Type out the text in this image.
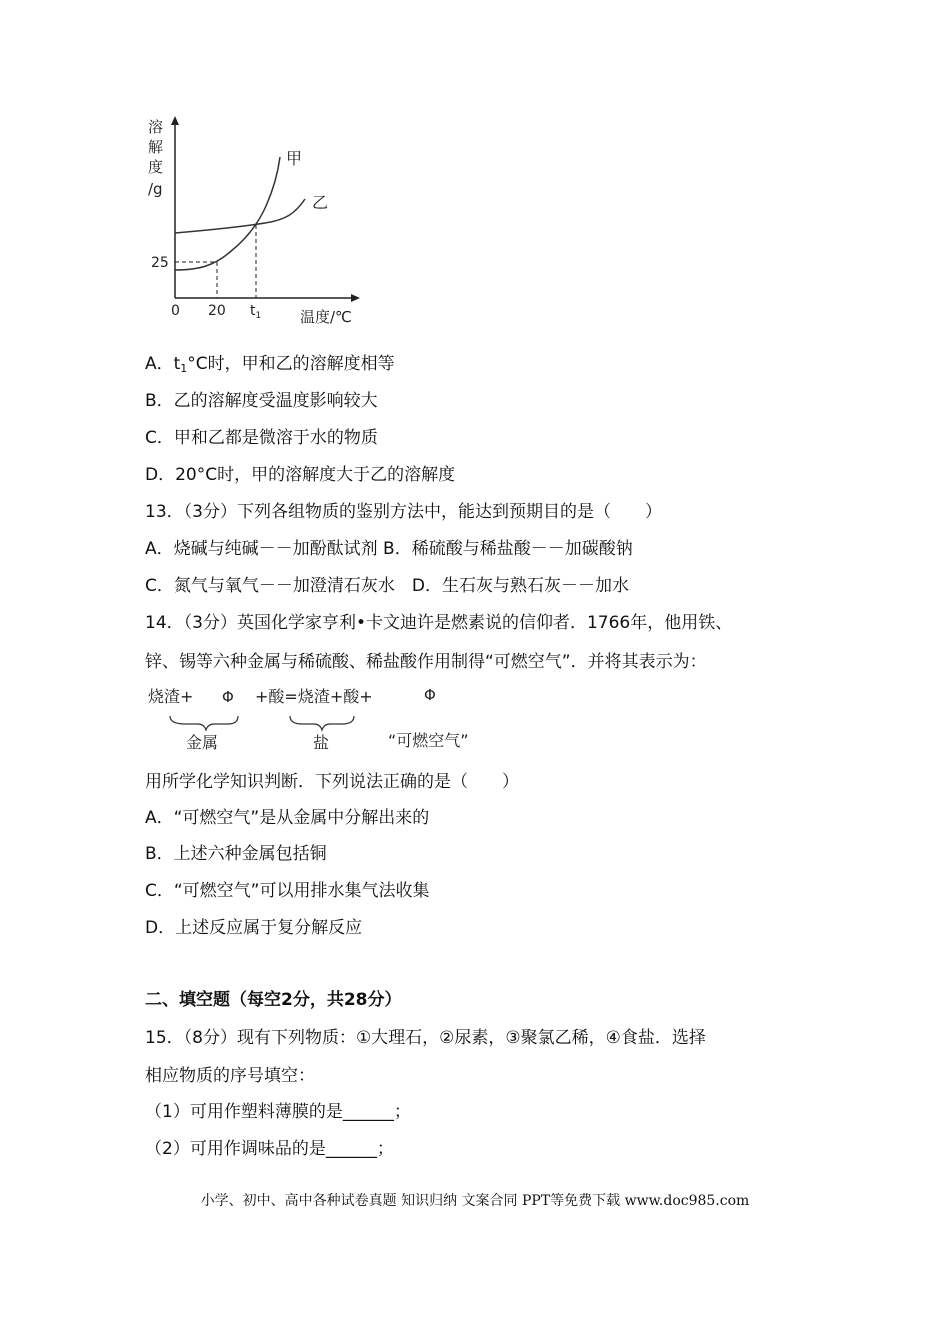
溶
解
度
/g
甲
乙
25
0 20 $t_1$	温度/℃
A．$t_1^\circ C$时，甲和乙的溶解度相等
B．乙的溶解度受温度影响较大
C．甲和乙都是微溶于水的物质
D．20°C时，甲的溶解度大于乙的溶解度
13．（3分）下列各组物质的鉴别方法中，能达到预期目的是（　　）
A．烧碱与纯碱－－加酚酞试剂 B．稀硫酸与稀盐酸－－加碳酸钠
C．氮气与氧气－－加澄清石灰水　D．生石灰与熟石灰－－加水
14．（3分）英国化学家亨利•卡文迪许是燃素说的信仰者．1766年，他用铁、
锌、锡等六种金属与稀硫酸、稀盐酸作用制得“可燃空气”．并将其表示为：
烧渣+ Φ +酸=烧渣+酸+	Φ
金属	盐	“可燃空气”
用所学化学知识判断．下列说法正确的是（　　）
A．“可燃空气”是从金属中分解出来的
B．上述六种金属包括铜
C．“可燃空气”可以用排水集气法收集
D．上述反应属于复分解反应
二、填空题（每空2分，共28分）
15．（8分）现有下列物质：①大理石，②尿素，③聚氯乙稀，④食盐．选择
相应物质的序号填空：
（1）可用作塑料薄膜的是______；
（2）可用作调味品的是______；
小学、初中、高中各种试卷真题 知识归纳 文案合同 PPT等免费下载 www.doc985.com
